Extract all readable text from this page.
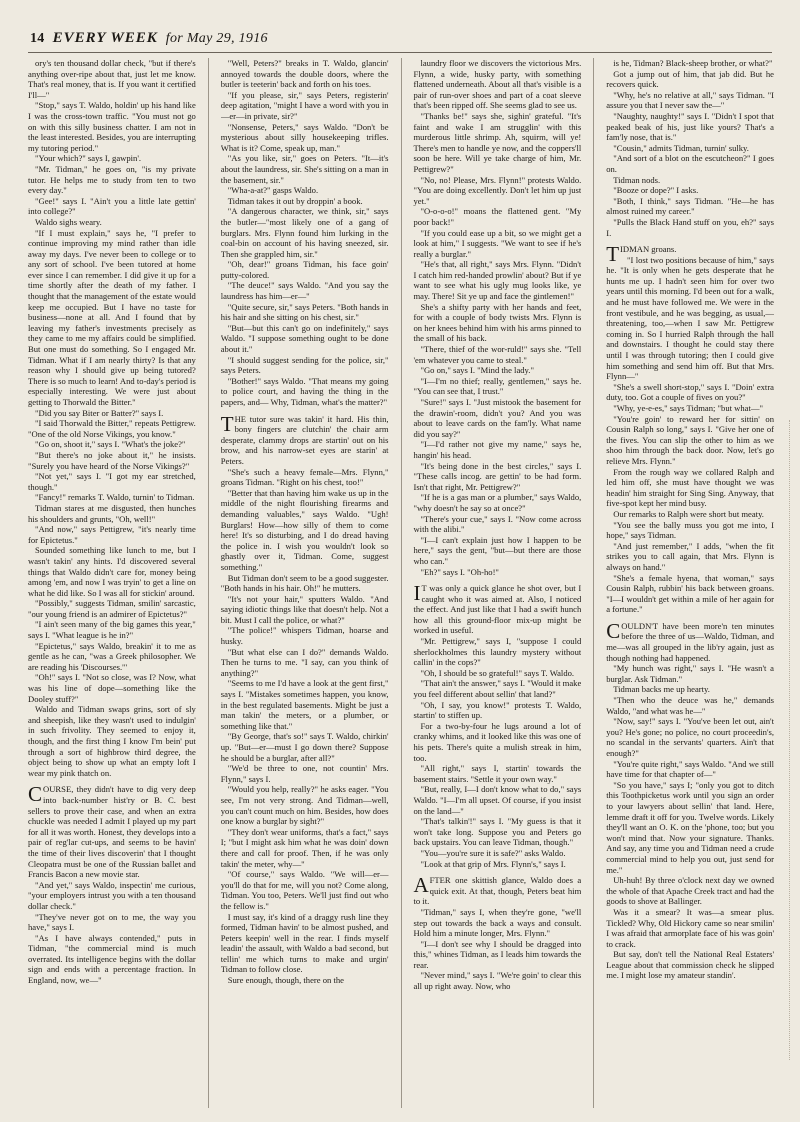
14 EVERY WEEK for May 29, 1916

ory's ten thousand dollar check, "but if there's anything over-ripe about that, just let me know. That's real money, that is. If you want it certified I'll—"

"Stop," says T. Waldo, holdin' up his hand like I was the cross-town traffic. "You must not go on with this silly business chatter. I am not in the least interested. Besides, you are interrupting my tutoring period."

"Your which?" says I, gawpin'.

"Mr. Tidman," he goes on, "is my private tutor. He helps me to study from ten to two every day."

"Gee!" says I. "Ain't you a little late gettin' into college?"

Waldo sighs weary.

"If I must explain," says he, "I prefer to continue improving my mind rather than idle away my days. I've never been to college or to any sort of school. I've been tutored at home ever since I can remember. I did give it up for a time shortly after the death of my father. I thought that the management of the estate would keep me occupied. But I have no taste for business—none at all. And I found that by leaving my father's investments precisely as they came to me my affairs could be simplified. But one must do something. So I engaged Mr. Tidman. What if I am nearly thirty? Is that any reason why I should give up being tutored? There is so much to learn! And to-day's period is especially interesting. We were just about getting to Thorwald the Bitter."

"Did you say Biter or Batter?" says I.

"I said Thorwald the Bitter," repeats Pettigrew. "One of the old Norse Vikings, you know."

"Go on, shoot it," says I. "What's the joke?"

"But there's no joke about it," he insists. "Surely you have heard of the Norse Vikings?"

"Not yet," says I. "I got my ear stretched, though."

"Fancy!" remarks T. Waldo, turnin' to Tidman.

Tidman stares at me disgusted, then hunches his shoulders and grunts, "Oh, well!"

"And now," says Pettigrew, "it's nearly time for Epictetus."

Sounded something like lunch to me, but I wasn't takin' any hints. I'd discovered several things that Waldo didn't care for, money being among 'em, and now I was tryin' to get a line on what he did like. So I was all for stickin' around.

"Possibly," suggests Tidman, smilin' sarcastic, "our young friend is an admirer of Epictetus?"

"I ain't seen many of the big games this year," says I. "What league is he in?"

"Epictetus," says Waldo, breakin' it to me as gentle as he can, "was a Greek philosopher. We are reading his 'Discourses.'"

"Oh!" says I. "Not so close, was I? Now, what was his line of dope—something like the Dooley stuff?"

Waldo and Tidman swaps grins, sort of sly and sheepish, like they wasn't used to indulgin' in such frivolity. They seemed to enjoy it, though, and the first thing I know I'm bein' put through a sort of highbrow third degree, the object being to show up what an empty loft I wear my pink thatch on.

COURSE, they didn't have to dig very deep into back-number hist'ry or B. C. best sellers to prove their case, and when an extra chuckle was needed I admit I played up my part for all it was worth. Honest, they develops into a pair of reg'lar cut-ups, and seems to be havin' the time of their lives discoverin' that I thought Cleopatra must be one of the Russian ballet and Francis Bacon a new movie star.

"And yet," says Waldo, inspectin' me curious, "your employers intrust you with a ten thousand dollar check."

"They've never got on to me, the way you have," says I.

"As I have always contended," puts in Tidman, "the commercial mind is much overrated. Its intelligence begins with the dollar sign and ends with a percentage fraction. In England, now, we—"

"Well, Peters?" breaks in T. Waldo, glancin' annoyed towards the double doors, where the butler is teeterin' back and forth on his toes.

"If you please, sir," says Peters, registerin' deep agitation, "might I have a word with you in—er—in private, sir?"

"Nonsense, Peters," says Waldo. "Don't be mysterious about silly housekeeping trifles. What is it? Come, speak up, man."

"As you like, sir," goes on Peters. "It—it's about the laundress, sir. She's sitting on a man in the basement, sir."

"Wha-a-at?" gasps Waldo.

Tidman takes it out by droppin' a book.

"A dangerous character, we think, sir," says the butler—"most likely one of a gang of burglars. Mrs. Flynn found him lurking in the coal-bin on account of his having sneezed, sir. Then she grappled him, sir."

"Oh, dear!" groans Tidman, his face goin' putty-colored.

"The deuce!" says Waldo. "And you say the laundress has him—er—"

"Quite secure, sir," says Peters. "Both hands in his hair and she sitting on his chest, sir."

"But—but this can't go on indefinitely," says Waldo. "I suppose something ought to be done about it."

"I should suggest sending for the police, sir," says Peters.

"Bother!" says Waldo. "That means my going to police court, and having the thing in the papers, and— Why, Tidman, what's the matter?"

THE tutor sure was takin' it hard. His thin, bony fingers are clutchin' the chair arm desperate, clammy drops are startin' out on his brow, and his narrow-set eyes are starin' at Peters.

"She's such a heavy female—Mrs. Flynn," groans Tidman. "Right on his chest, too!"

"Better that than having him wake us up in the middle of the night flourishing firearms and demanding valuables," says Waldo. "Ugh! Burglars! How—how silly of them to come here! It's so disturbing, and I do dread having the police in. I wish you wouldn't look so ghastly over it, Tidman. Come, suggest something."

But Tidman don't seem to be a good suggester. "Both hands in his hair. Oh!" he mutters.

"It's not your hair," sputters Waldo. "And saying idiotic things like that doesn't help. Not a bit. Must I call the police, or what?"

"The police!" whispers Tidman, hoarse and husky.

"But what else can I do?" demands Waldo. Then he turns to me. "I say, can you think of anything?"

"Seems to me I'd have a look at the gent first," says I. "Mistakes sometimes happen, you know, in the best regulated basements. Might be just a man takin' the meters, or a plumber, or something like that."

"By George, that's so!" says T. Waldo, chirkin' up. "But—er—must I go down there? Suppose he should be a burglar, after all?"

"We'd be three to one, not countin' Mrs. Flynn," says I.

"Would you help, really?" he asks eager. "You see, I'm not very strong. And Tidman—well, you can't count much on him. Besides, how does one know a burglar by sight?"

"They don't wear uniforms, that's a fact," says I; "but I might ask him what he was doin' down there and call for proof. Then, if he was only takin' the meter, why—"

"Of course," says Waldo. "We will—er—you'll do that for me, will you not? Come along, Tidman. You too, Peters. We'll just find out who the fellow is."

I must say, it's kind of a draggy rush line they formed, Tidman havin' to be almost pushed, and Peters keepin' well in the rear. I finds myself leadin' the assault, with Waldo a bad second, but tellin' me which turns to make and urgin' Tidman to follow close.

Sure enough, though, there on the

laundry floor we discovers the victorious Mrs. Flynn, a wide, husky party, with something flattened underneath. About all that's visible is a pair of run-over shoes and part of a coat sleeve that's been ripped off. She seems glad to see us.

"Thanks be!" says she, sighin' grateful. "It's faint and wake I am strugglin' with this murderous little shrimp. Ah, squirm, will ye! There's men to handle ye now, and the coppers'll soon be here. Will ye take charge of him, Mr. Pettigrew?"

"No, no! Please, Mrs. Flynn!" protests Waldo. "You are doing excellently. Don't let him up just yet."

"O-o-o-o!" moans the flattened gent. "My poor back!"

"If you could ease up a bit, so we might get a look at him," I suggests. "We want to see if he's really a burglar."

"He's that, all right," says Mrs. Flynn. "Didn't I catch him red-handed prowlin' about? But if ye want to see what his ugly mug looks like, ye may. There! Sit ye up and face the gintlemen!"

She's a shifty party with her hands and feet, for with a couple of body twists Mrs. Flynn is on her knees behind him with his arms pinned to the small of his back.

"There, thief of the wor-ruld!" says she. "Tell 'em whatever you came to steal."

"Go on," says I. "Mind the lady."

"I—I'm no thief; really, gentlemen," says he. "You can see that, I trust."

"Sure!" says I. "Just mistook the basement for the drawin'-room, didn't you? And you was about to leave cards on the fam'ly. What name did you say?"

"I—I'd rather not give my name," says he, hangin' his head.

"It's being done in the best circles," says I. "These calls incog. are gettin' to be had form. Isn't that right, Mr. Pettigrew?"

"If he is a gas man or a plumber," says Waldo, "why doesn't he say so at once?"

"There's your cue," says I. "Now come across with the alibi."

"I—I can't explain just how I happen to be here," says the gent, "but—but there are those who can."

"Eh?" says I. "Oh-ho!"

IT was only a quick glance he shot over, but I caught who it was aimed at. Also, I noticed the effect. And just like that I had a swift hunch how all this ground-floor mix-up might be worked in useful.

"Mr. Pettigrew," says I, "suppose I could sherlockholmes this laundry mystery without callin' in the cops?"

"Oh, I should be so grateful!" says T. Waldo.

"That ain't the answer," says I. "Would it make you feel different about sellin' that land?"

"Oh, I say, you know!" protests T. Waldo, startin' to stiffen up.

For a two-by-four he lugs around a lot of cranky whims, and it looked like this was one of his pets. There's quite a mulish streak in him, too.

"All right," says I, startin' towards the basement stairs. "Settle it your own way."

"But, really, I—I don't know what to do," says Waldo. "I—I'm all upset. Of course, if you insist on the land—"

"That's talkin'!" says I. "My guess is that it won't take long. Suppose you and Peters go back upstairs. You can leave Tidman, though."

"You—you're sure it is safe?" asks Waldo.

"Look at that grip of Mrs. Flynn's," says I.

AFTER one skittish glance, Waldo does a quick exit. At that, though, Peters beat him to it.

"Tidman," says I, when they're gone, "we'll step out towards the back a ways and consult. Hold him a minute longer, Mrs. Flynn."

"I—I don't see why I should be dragged into this," whines Tidman, as I leads him towards the rear.

"Never mind," says I. "We're goin' to clear this all up right away. Now, who

is he, Tidman? Black-sheep brother, or what?"

Got a jump out of him, that jab did. But he recovers quick.

"Why, he's no relative at all," says Tidman. "I assure you that I never saw the—"

"Naughty, naughty!" says I. "Didn't I spot that peaked beak of his, just like yours? That's a fam'ly nose, that is."

"Cousin," admits Tidman, turnin' sulky.

"And sort of a blot on the escutcheon?" I goes on.

Tidman nods.

"Booze or dope?" I asks.

"Both, I think," says Tidman. "He—he has almost ruined my career."

"Pulls the Black Hand stuff on you, eh?" says I.

TIDMAN groans.

"I lost two positions because of him," says he. "It is only when he gets desperate that he hunts me up. I hadn't seen him for over two years until this morning. I'd been out for a walk, and he must have followed me. We were in the front vestibule, and he was begging, as usual,—threatening, too,—when I saw Mr. Pettigrew coming in. So I hurried Ralph through the hall and downstairs. I thought he could stay there until I was through tutoring; then I could give him something and send him off. But that Mrs. Flynn—"

"She's a swell short-stop," says I. "Doin' extra duty, too. Got a couple of fives on you?"

"Why, ye-e-es," says Tidman; "but what—"

"You're goin' to reward her for sittin' on Cousin Ralph so long," says I. "Give her one of the fives. You can slip the other to him as we shoo him through the back door. Now, let's go relieve Mrs. Flynn."

From the rough way we collared Ralph and led him off, she must have thought we was headin' him straight for Sing Sing. Anyway, that five-spot kept her mind busy.

Our remarks to Ralph were short but meaty.

"You see the bally muss you got me into, I hope," says Tidman.

"And just remember," I adds, "when the fit strikes you to call again, that Mrs. Flynn is always on hand."

"She's a female hyena, that woman," says Cousin Ralph, rubbin' his back between groans. "I—I wouldn't get within a mile of her again for a fortune."

COULDN'T have been more'n ten minutes before the three of us—Waldo, Tidman, and me—was all grouped in the lib'ry again, just as though nothing had happened.

"My hunch was right," says I. "He wasn't a burglar. Ask Tidman."

Tidman backs me up hearty.

"Then who the deuce was he," demands Waldo, "and what was he—"

"Now, say!" says I. "You've been let out, ain't you? He's gone; no police, no court proceedin's, no scandal in the servants' quarters. Ain't that enough?"

"You're quite right," says Waldo. "And we still have time for that chapter of—"

"So you have," says I; "only you got to ditch this Toothpicketus work until you sign an order to your lawyers about sellin' that land. Here, lemme draft it off for you. Twelve words. Likely they'll want an O. K. on the 'phone, too; but you won't mind that. Now your signature. Thanks. And say, any time you and Tidman need a crude commercial mind to help you out, just send for me."

Uh-huh! By three o'clock next day we owned the whole of that Apache Creek tract and had the goods to shove at Ballinger.

Was it a smear? It was—a smear plus. Tickled? Why, Old Hickory came so near smilin' I was afraid that armorplate face of his was goin' to crack.

But say, don't tell the National Real Estaters' League about that commission check he slipped me. I might lose my amateur standin'.
